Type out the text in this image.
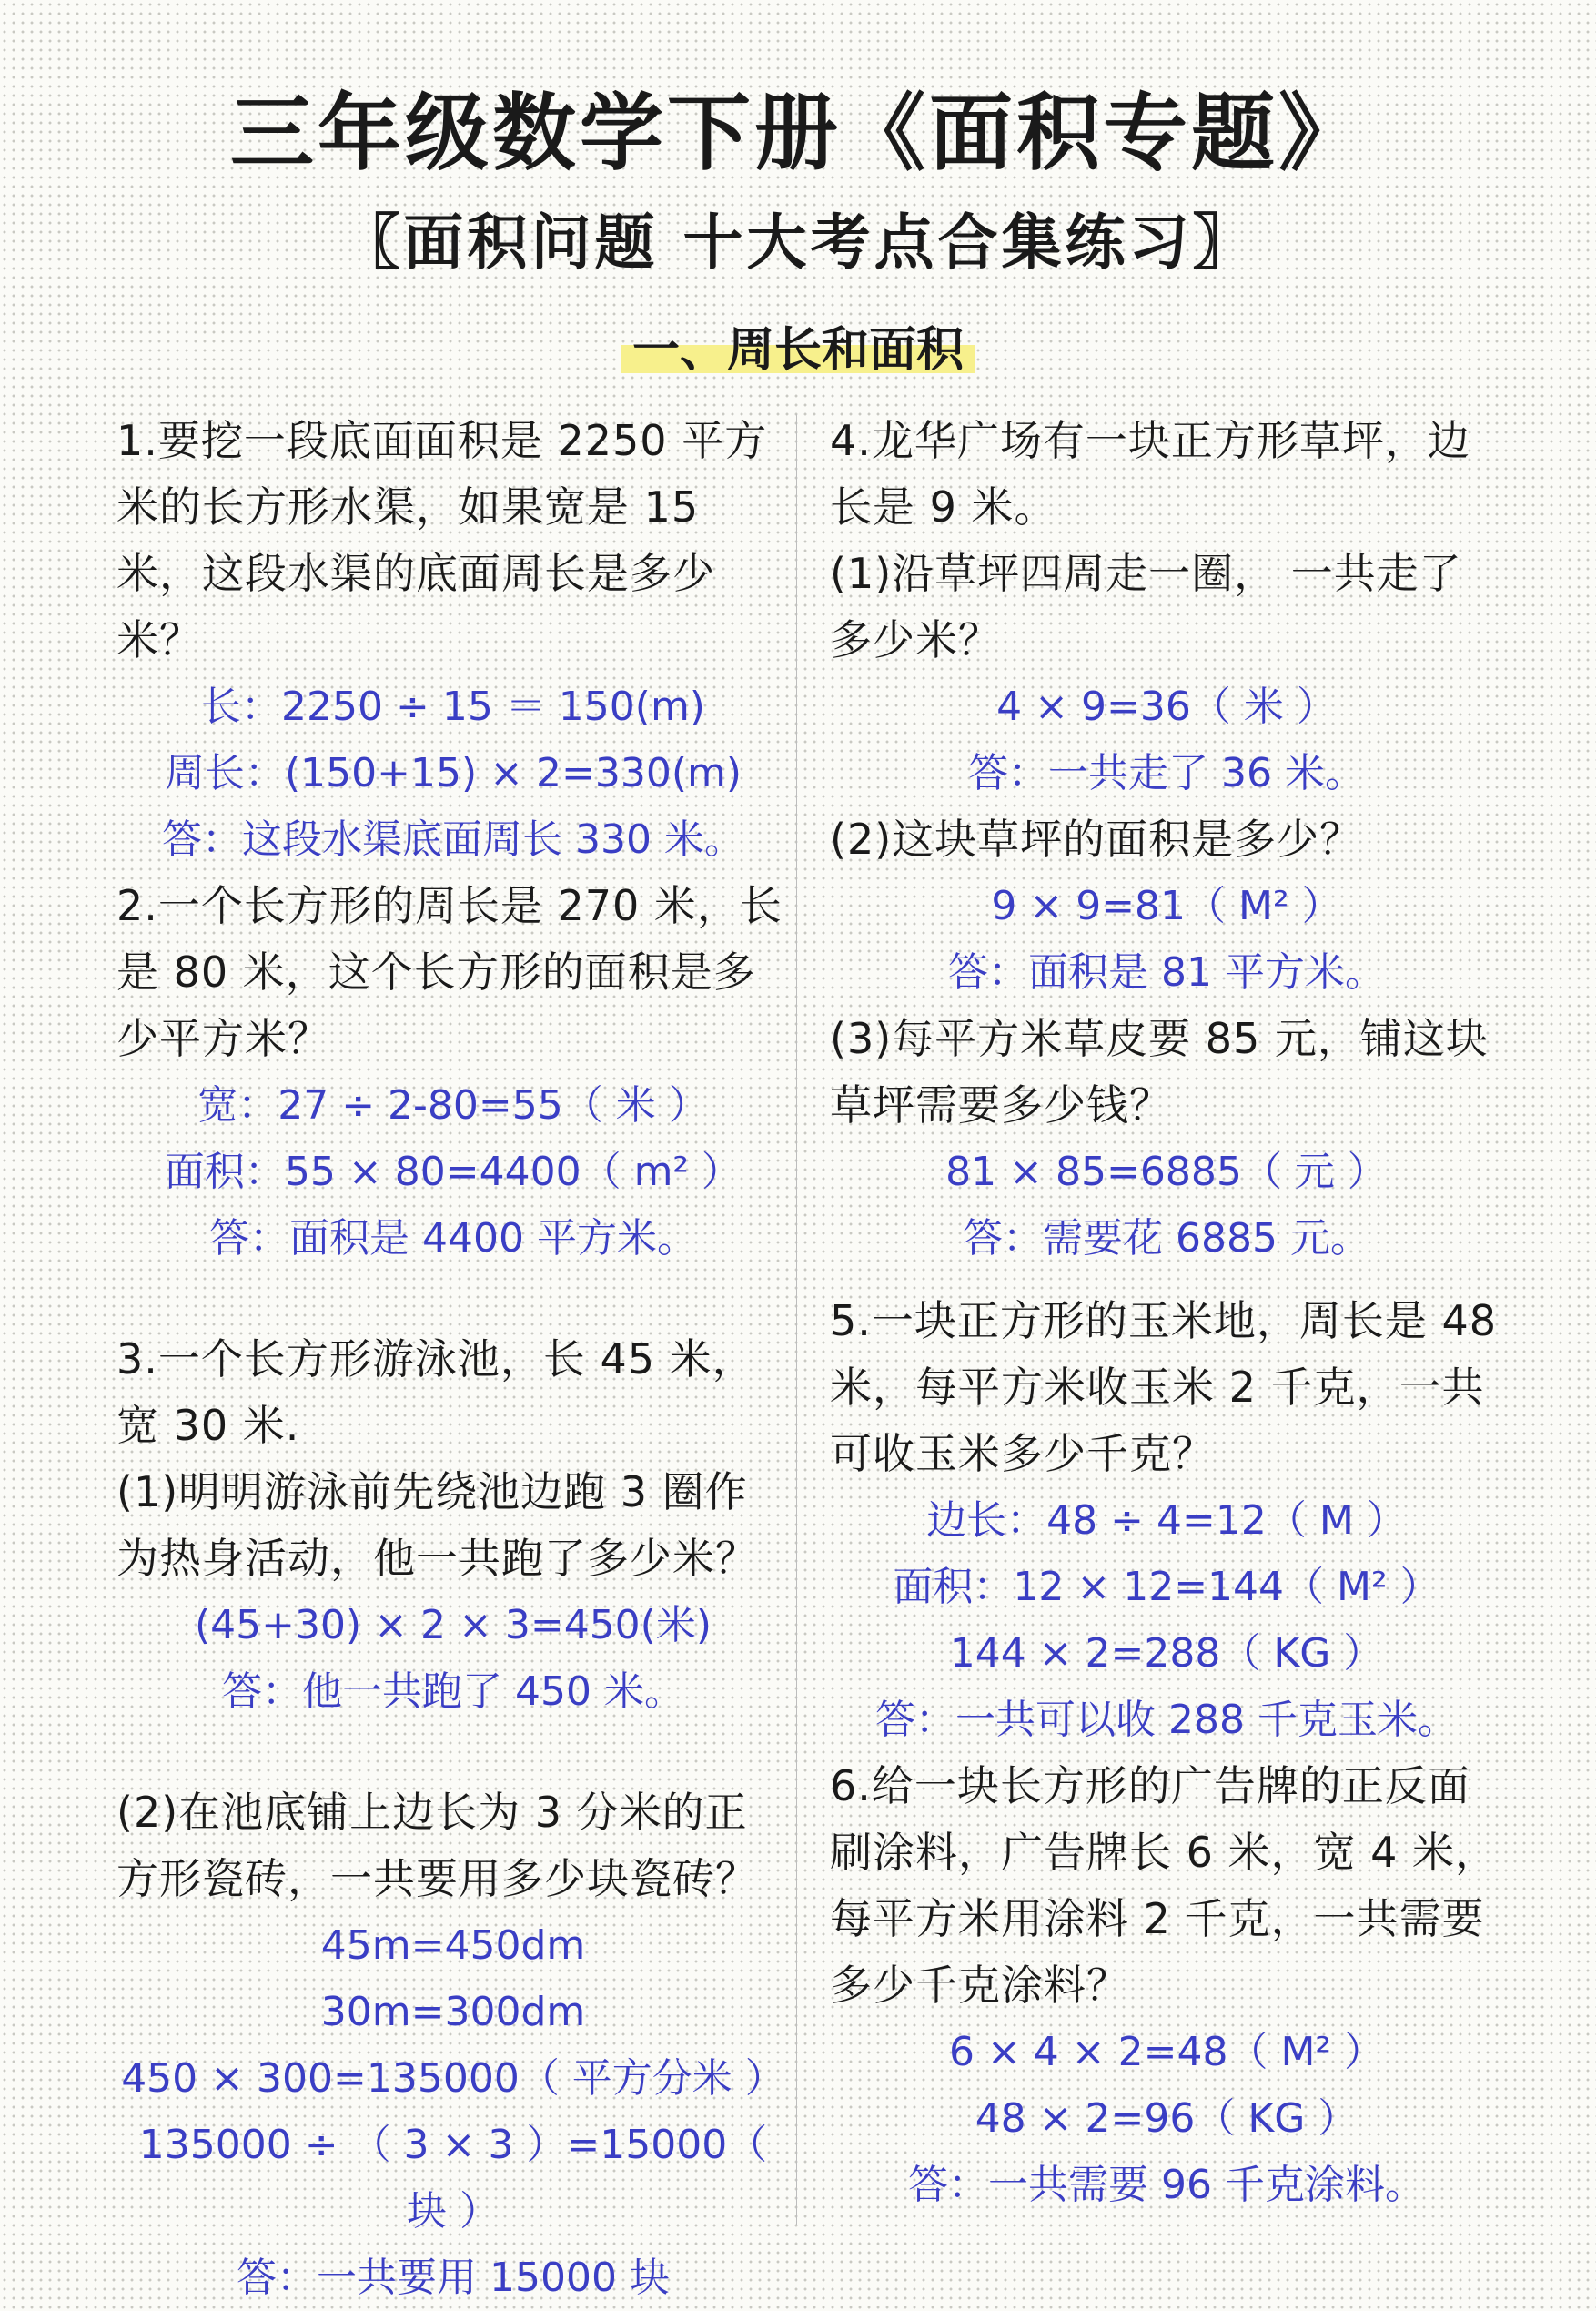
三年级数学下册《面积专题》
〖面积问题 十大考点合集练习〗
一、周长和面积

1.要挖一段底面面积是 2250 平方米的长方形水渠，如果宽是 15 米，这段水渠的底面周长是多少米？

长：2250 ÷ 15 ＝ 150(m)

周长：(150+15) × 2=330(m)

答：这段水渠底面周长 330 米。

2.一个长方形的周长是 270 米，长是 80 米，这个长方形的面积是多少平方米？

宽：27 ÷ 2-80=55（ 米 ）

面积：55 × 80=4400（ m² ）

答：面积是 4400 平方米。

3.一个长方形游泳池，长 45 米，宽 30 米.

(1)明明游泳前先绕池边跑 3 圈作为热身活动，他一共跑了多少米？

(45+30) × 2 × 3=450(米)

答：他一共跑了 450 米。

(2)在池底铺上边长为 3 分米的正方形瓷砖，一共要用多少块瓷砖？

45m=450dm

30m=300dm

450 × 300=135000（ 平方分米 ）

135000 ÷ （ 3 × 3 ）=15000（ 块 ）

答：一共要用 15000 块

4.龙华广场有一块正方形草坪，边长是 9 米。

(1)沿草坪四周走一圈， 一共走了多少米？

4 × 9=36（ 米 ）

答：一共走了 36 米。

(2)这块草坪的面积是多少？

9 × 9=81（ M² ）

答：面积是 81 平方米。

(3)每平方米草皮要 85 元，铺这块草坪需要多少钱？

81 × 85=6885（ 元 ）

答：需要花 6885 元。

5.一块正方形的玉米地，周长是 48 米，每平方米收玉米 2 千克，一共可收玉米多少千克？

边长：48 ÷ 4=12（ M ）

面积：12 × 12=144（ M² ）

144 × 2=288（ KG ）

答：一共可以收 288 千克玉米。

6.给一块长方形的广告牌的正反面刷涂料，广告牌长 6 米，宽 4 米，每平方米用涂料 2 千克，一共需要多少千克涂料？

6 × 4 × 2=48（ M² ）

48 × 2=96（ KG ）

答：一共需要 96 千克涂料。
